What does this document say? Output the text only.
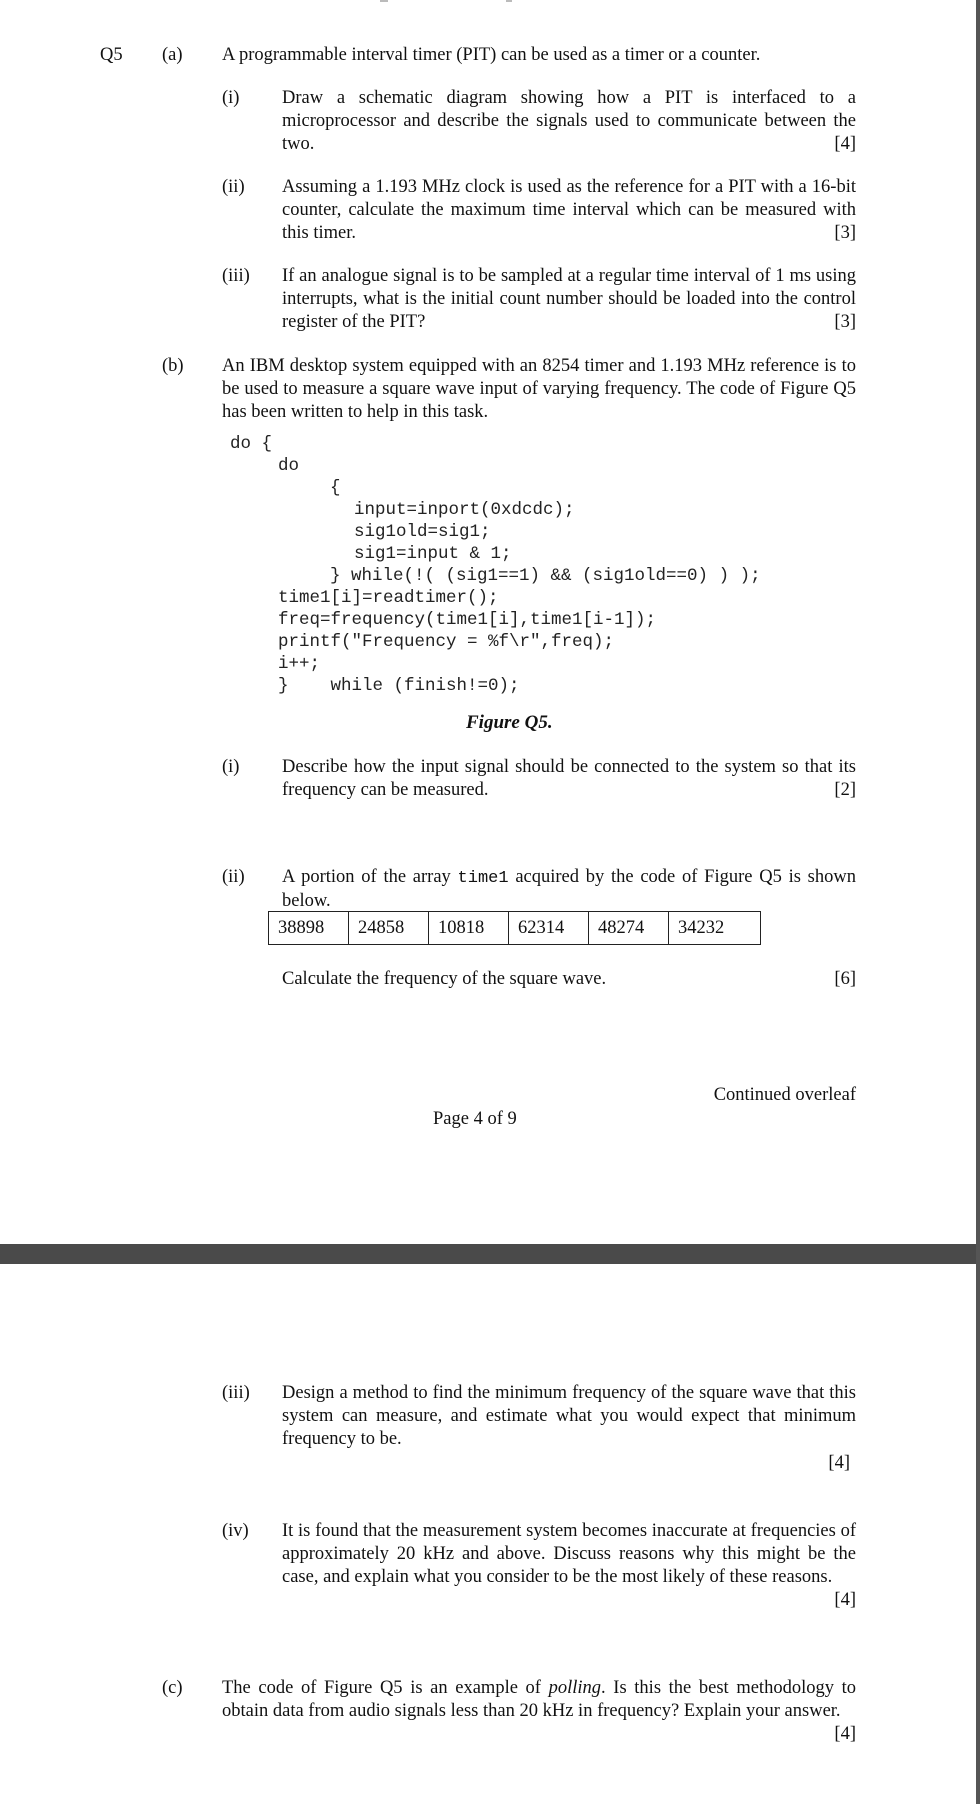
Q5 (a) A programmable interval timer (PIT) can be used as a timer or a counter.
(i) Draw a schematic diagram showing how a PIT is interfaced to a microprocessor and describe the signals used to communicate between the two.	[4]
(ii) Assuming a 1.193 MHz clock is used as the reference for a PIT with a 16-bit counter, calculate the maximum time interval which can be measured with this timer.	[3]
(iii) If an analogue signal is to be sampled at a regular time interval of 1 ms using interrupts, what is the initial count number should be loaded into the control register of the PIT?	[3]
(b) An IBM desktop system equipped with an 8254 timer and 1.193 MHz reference is to be used to measure a square wave input of varying frequency. The code of Figure Q5 has been written to help in this task.
do {
do
{
input=inport(0xdcdc);
sig1old=sig1;
sig1=input & 1;
} while(!( (sig1==1) && (sig1old==0) ) );
time1[i]=readtimer();
freq=frequency(time1[i],time1[i-1]);
printf("Frequency = %f\r",freq);
i++;
}    while (finish!=0);
Figure Q5.
(i) Describe how the input signal should be connected to the system so that its frequency can be measured.	[2]
(ii) A portion of the array time1 acquired by the code of Figure Q5 is shown below.
38898	24858	10818	62314	48274	34232
Calculate the frequency of the square wave.	[6]
Continued overleaf
Page 4 of 9
(iii) Design a method to find the minimum frequency of the square wave that this system can measure, and estimate what you would expect that minimum frequency to be.
[4]
(iv) It is found that the measurement system becomes inaccurate at frequencies of approximately 20 kHz and above. Discuss reasons why this might be the case, and explain what you consider to be the most likely of these reasons.
[4]
(c) The code of Figure Q5 is an example of polling. Is this the best methodology to obtain data from audio signals less than 20 kHz in frequency? Explain your answer.
[4]
